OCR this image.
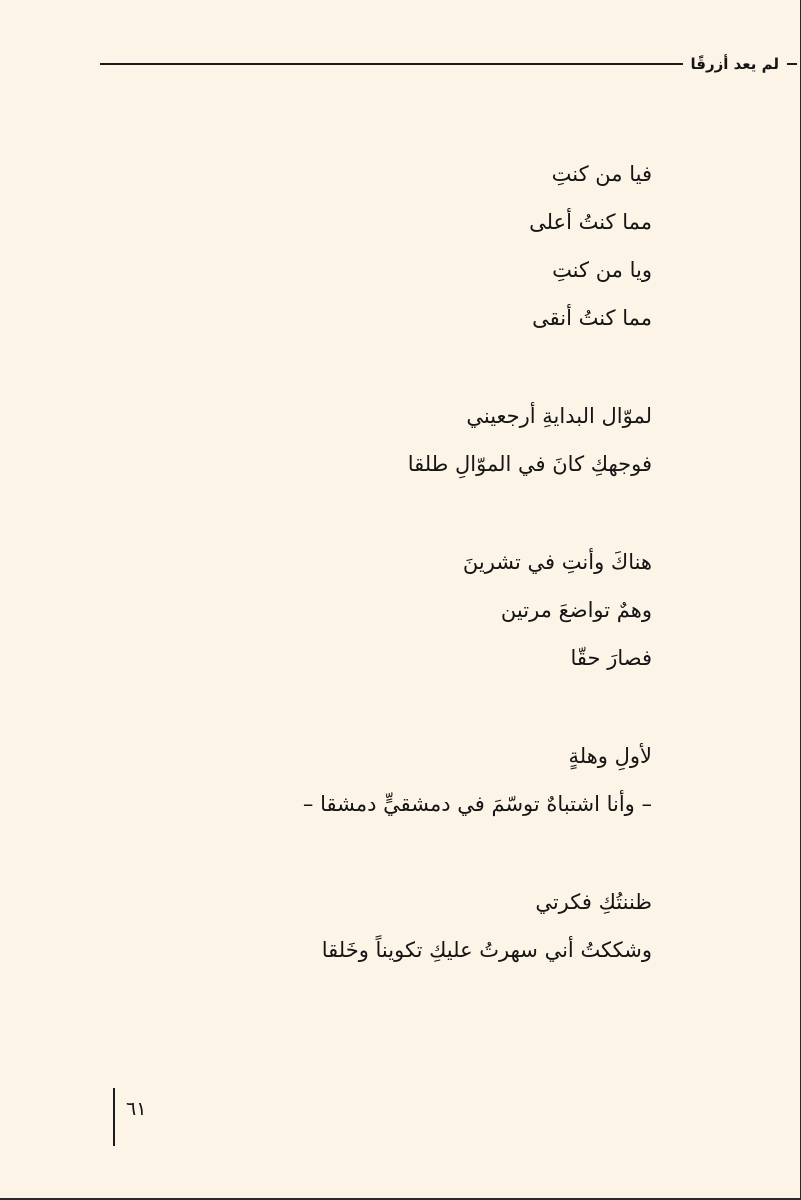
لم يعد أزرقًا
فيا من كنتِ
مما كنتُ أعلى
ويا من كنتِ
مما كنتُ أنقى
لموّال البدايةِ أرجعيني
فوجهكِ كانَ في الموّالِ طلقا
هناكَ وأنتِ في تشرينَ
وهمٌ تواضعَ مرتين
فصارَ حقّا
لأولِ وهلةٍ
– وأنا اشتباهٌ توسّمَ في دمشقيٍّ دمشقا –
ظننتُكِ فكرتي
وشككتُ أني سهرتُ عليكِ تكويناً وخَلقا
٦١
